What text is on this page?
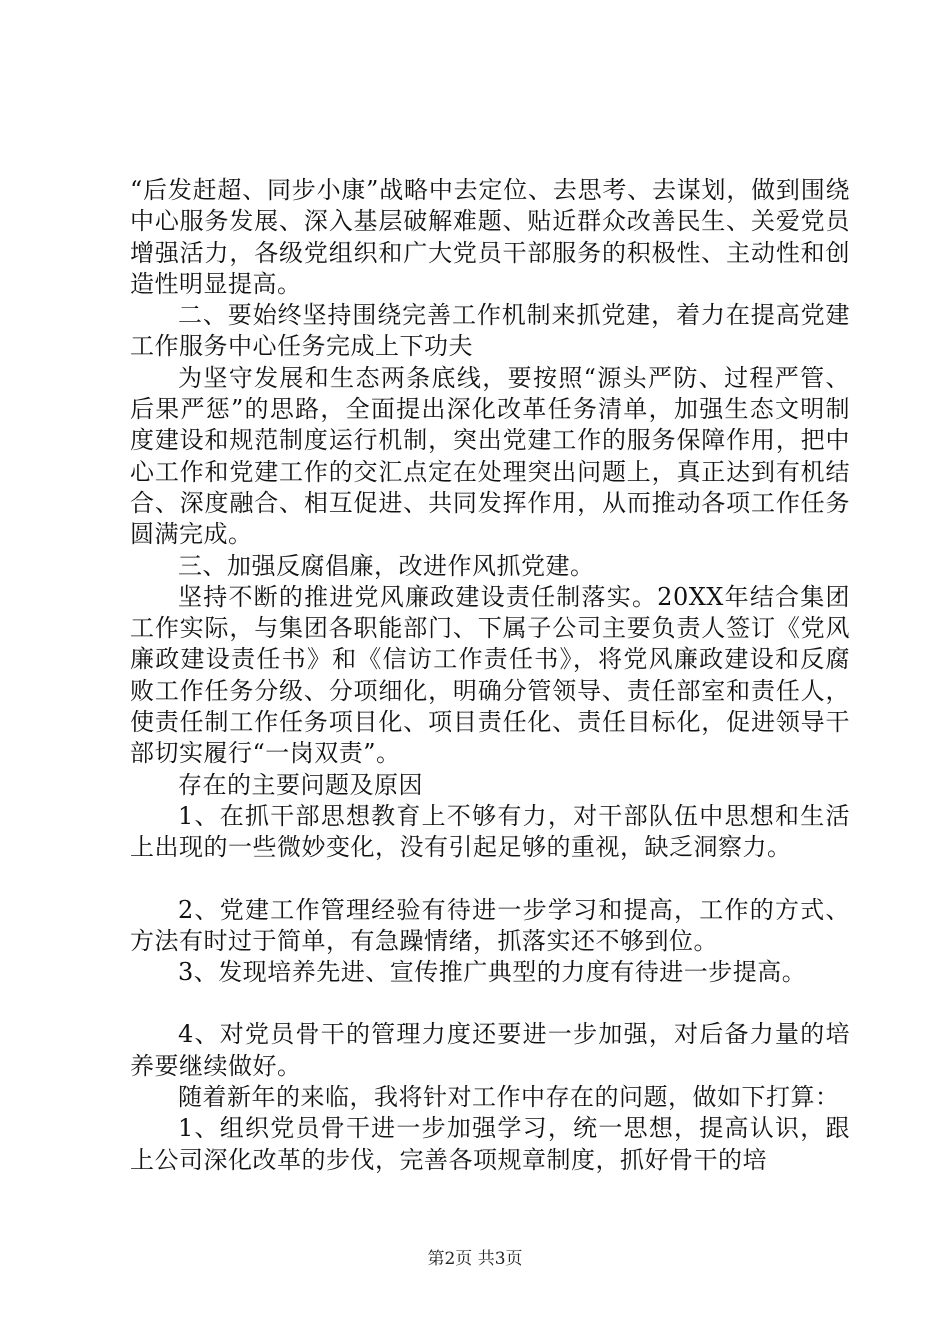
“后发赶超、同步小康”战略中去定位、去思考、去谋划，做到围绕中心服务发展、深入基层破解难题、贴近群众改善民生、关爱党员增强活力，各级党组织和广大党员干部服务的积极性、主动性和创造性明显提高。

二、要始终坚持围绕完善工作机制来抓党建，着力在提高党建工作服务中心任务完成上下功夫

为坚守发展和生态两条底线，要按照“源头严防、过程严管、后果严惩”的思路，全面提出深化改革任务清单，加强生态文明制度建设和规范制度运行机制，突出党建工作的服务保障作用，把中心工作和党建工作的交汇点定在处理突出问题上，真正达到有机结合、深度融合、相互促进、共同发挥作用，从而推动各项工作任务圆满完成。

三、加强反腐倡廉，改进作风抓党建。

坚持不断的推进党风廉政建设责任制落实。20XX年结合集团工作实际，与集团各职能部门、下属子公司主要负责人签订《党风廉政建设责任书》和《信访工作责任书》，将党风廉政建设和反腐败工作任务分级、分项细化，明确分管领导、责任部室和责任人，使责任制工作任务项目化、项目责任化、责任目标化，促进领导干部切实履行“一岗双责”。

存在的主要问题及原因

1、在抓干部思想教育上不够有力，对干部队伍中思想和生活上出现的一些微妙变化，没有引起足够的重视，缺乏洞察力。

2、党建工作管理经验有待进一步学习和提高，工作的方式、方法有时过于简单，有急躁情绪，抓落实还不够到位。

3、发现培养先进、宣传推广典型的力度有待进一步提高。

4、对党员骨干的管理力度还要进一步加强，对后备力量的培养要继续做好。

随着新年的来临，我将针对工作中存在的问题，做如下打算：

1、组织党员骨干进一步加强学习，统一思想，提高认识，跟上公司深化改革的步伐，完善各项规章制度，抓好骨干的培

第2页 共3页
